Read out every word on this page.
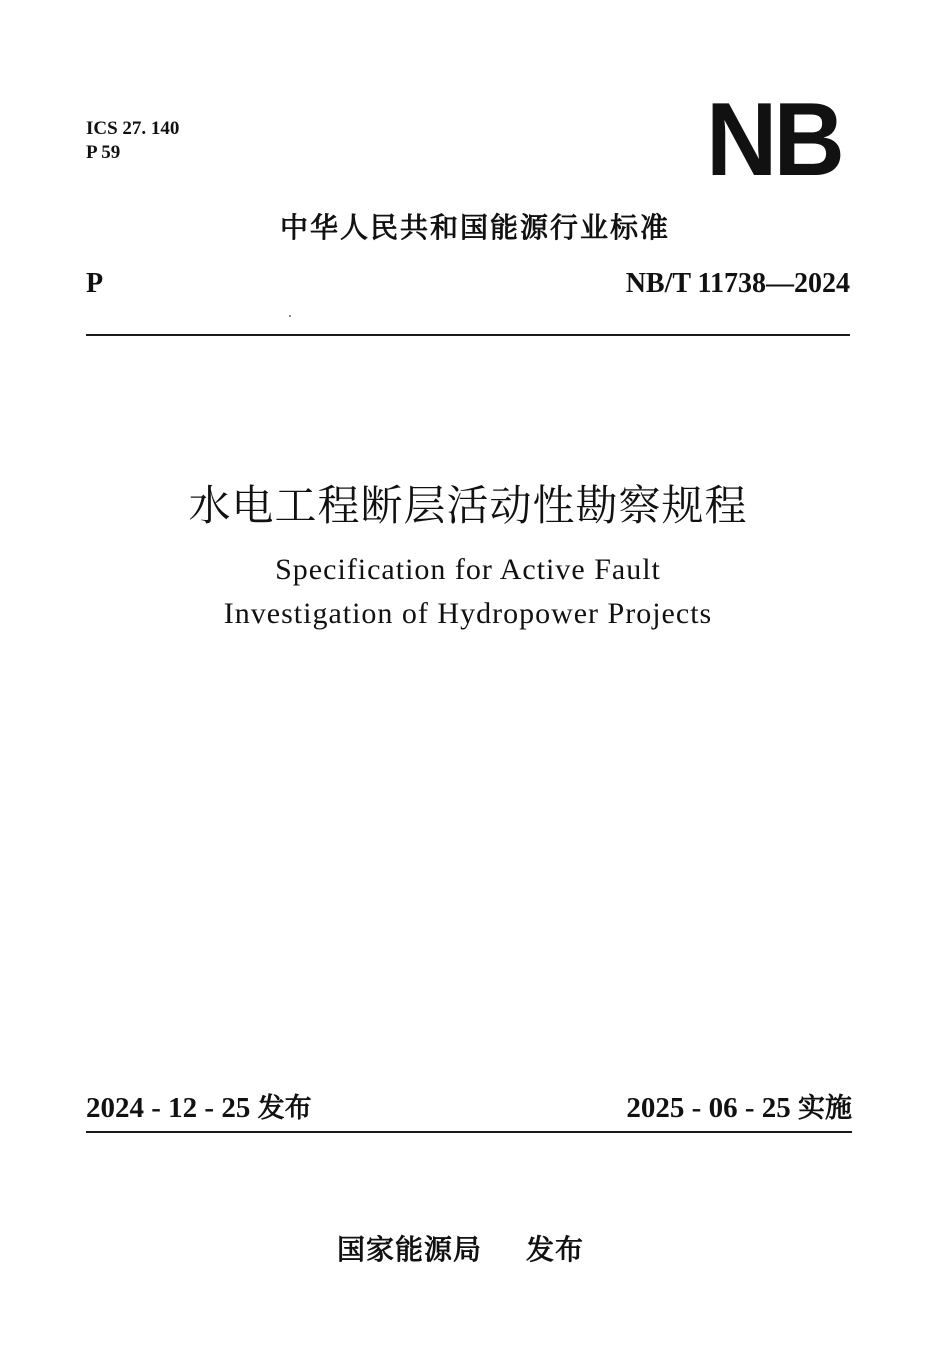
ICS 27. 140
P 59	NB
中华人民共和国能源行业标准
P	NB/T 11738—2024
水电工程断层活动性勘察规程
Specification for Active Fault
Investigation of Hydropower Projects
2024 - 12 - 25 发布	2025 - 06 - 25 实施
国家能源局 发布
